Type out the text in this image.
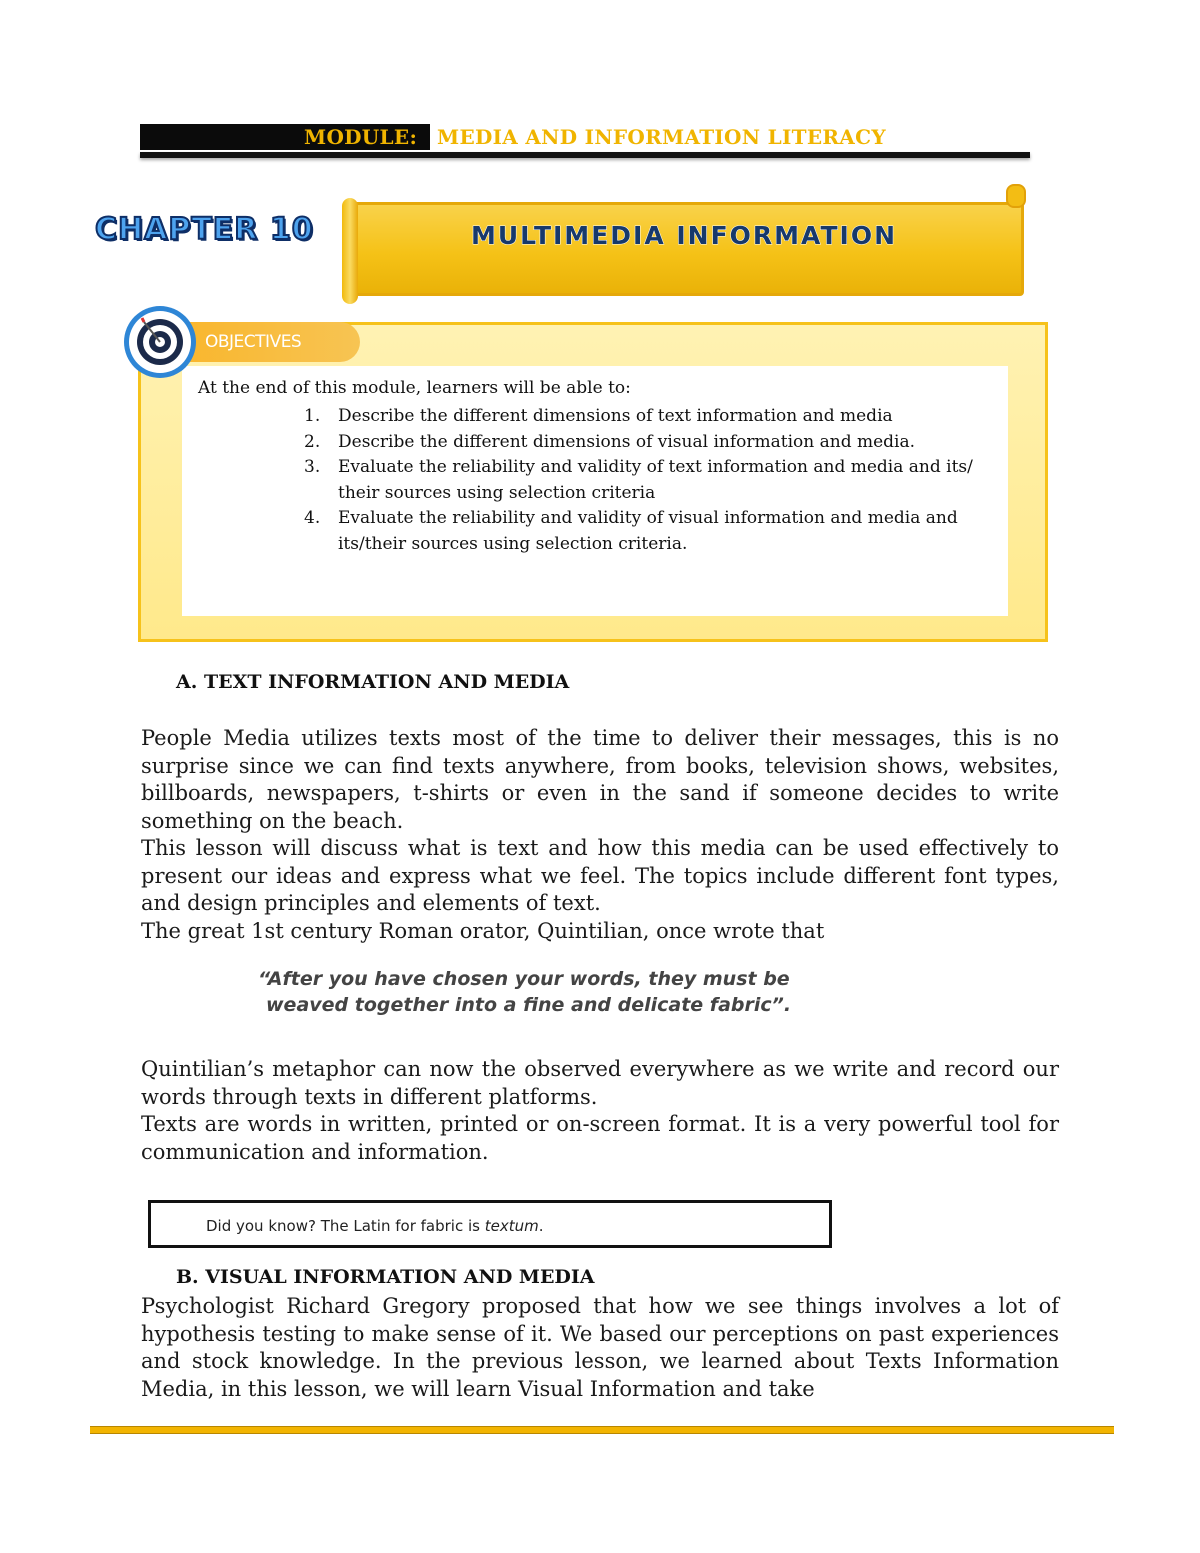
MODULE: MEDIA AND INFORMATION LITERACY
CHAPTER 10	MULTIMEDIA INFORMATION
OBJECTIVES
At the end of this module, learners will be able to:
1. Describe the different dimensions of text information and media
2. Describe the different dimensions of visual information and media.
3. Evaluate the reliability and validity of text information and media and its/ their sources using selection criteria
4. Evaluate the reliability and validity of visual information and media and its/their sources using selection criteria.
A. TEXT INFORMATION AND MEDIA

People Media utilizes texts most of the time to deliver their messages, this is no surprise since we can find texts anywhere, from books, television shows, websites, billboards, newspapers, t-shirts or even in the sand if someone decides to write something on the beach.

This lesson will discuss what is text and how this media can be used effectively to present our ideas and express what we feel. The topics include different font types, and design principles and elements of text.

The great 1st century Roman orator, Quintilian, once wrote that

“After you have chosen your words, they must be
weaved together into a fine and delicate fabric”.

Quintilian’s metaphor can now the observed everywhere as we write and record our words through texts in different platforms.

Texts are words in written, printed or on-screen format. It is a very powerful tool for communication and information.

Did you know? The Latin for fabric is textum.
B. VISUAL INFORMATION AND MEDIA

Psychologist Richard Gregory proposed that how we see things involves a lot of hypothesis testing to make sense of it. We based our perceptions on past experiences and stock knowledge. In the previous lesson, we learned about Texts Information Media, in this lesson, we will learn Visual Information and take
